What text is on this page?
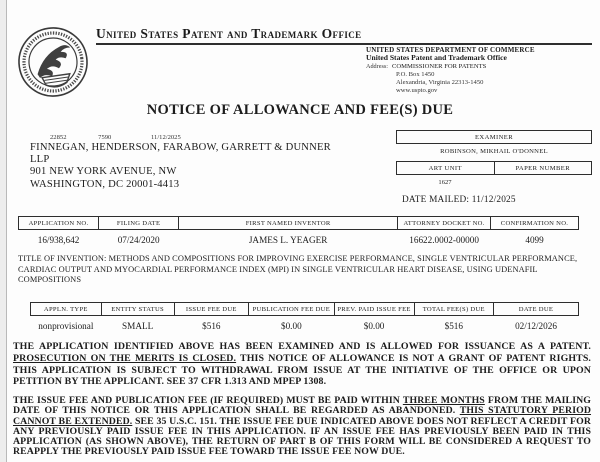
United States Patent and Trademark Office
UNITED STATES DEPARTMENT OF COMMERCE
United States Patent and Trademark Office
Address: COMMISSIONER FOR PATENTS
P.O. Box 1450
Alexandria, Virginia 22313-1450
www.uspto.gov
NOTICE OF ALLOWANCE AND FEE(S) DUE
22852	7590	11/12/2025
FINNEGAN, HENDERSON, FARABOW, GARRETT & DUNNER
LLP
901 NEW YORK AVENUE, NW
WASHINGTON, DC 20001-4413
EXAMINER
ROBINSON, MIKHAIL O'DONNEL
ART UNIT	PAPER NUMBER
1627
DATE MAILED: 11/12/2025
APPLICATION NO.	FILING DATE	FIRST NAMED INVENTOR	ATTORNEY DOCKET NO.	CONFIRMATION NO.
16/938,642	07/24/2020	JAMES L. YEAGER	16622.0002-00000	4099
TITLE OF INVENTION: METHODS AND COMPOSITIONS FOR IMPROVING EXERCISE PERFORMANCE, SINGLE VENTRICULAR PERFORMANCE, CARDIAC OUTPUT AND MYOCARDIAL PERFORMANCE INDEX (MPI) IN SINGLE VENTRICULAR HEART DISEASE, USING UDENAFIL COMPOSITIONS
APPLN. TYPE	ENTITY STATUS	ISSUE FEE DUE	PUBLICATION FEE DUE	PREV. PAID ISSUE FEE	TOTAL FEE(S) DUE	DATE DUE
nonprovisional	SMALL	$516	$0.00	$0.00	$516	02/12/2026
THE APPLICATION IDENTIFIED ABOVE HAS BEEN EXAMINED AND IS ALLOWED FOR ISSUANCE AS A PATENT. PROSECUTION ON THE MERITS IS CLOSED. THIS NOTICE OF ALLOWANCE IS NOT A GRANT OF PATENT RIGHTS. THIS APPLICATION IS SUBJECT TO WITHDRAWAL FROM ISSUE AT THE INITIATIVE OF THE OFFICE OR UPON PETITION BY THE APPLICANT. SEE 37 CFR 1.313 AND MPEP 1308.
THE ISSUE FEE AND PUBLICATION FEE (IF REQUIRED) MUST BE PAID WITHIN THREE MONTHS FROM THE MAILING DATE OF THIS NOTICE OR THIS APPLICATION SHALL BE REGARDED AS ABANDONED. THIS STATUTORY PERIOD CANNOT BE EXTENDED. SEE 35 U.S.C. 151. THE ISSUE FEE DUE INDICATED ABOVE DOES NOT REFLECT A CREDIT FOR ANY PREVIOUSLY PAID ISSUE FEE IN THIS APPLICATION. IF AN ISSUE FEE HAS PREVIOUSLY BEEN PAID IN THIS APPLICATION (AS SHOWN ABOVE), THE RETURN OF PART B OF THIS FORM WILL BE CONSIDERED A REQUEST TO REAPPLY THE PREVIOUSLY PAID ISSUE FEE TOWARD THE ISSUE FEE NOW DUE.
